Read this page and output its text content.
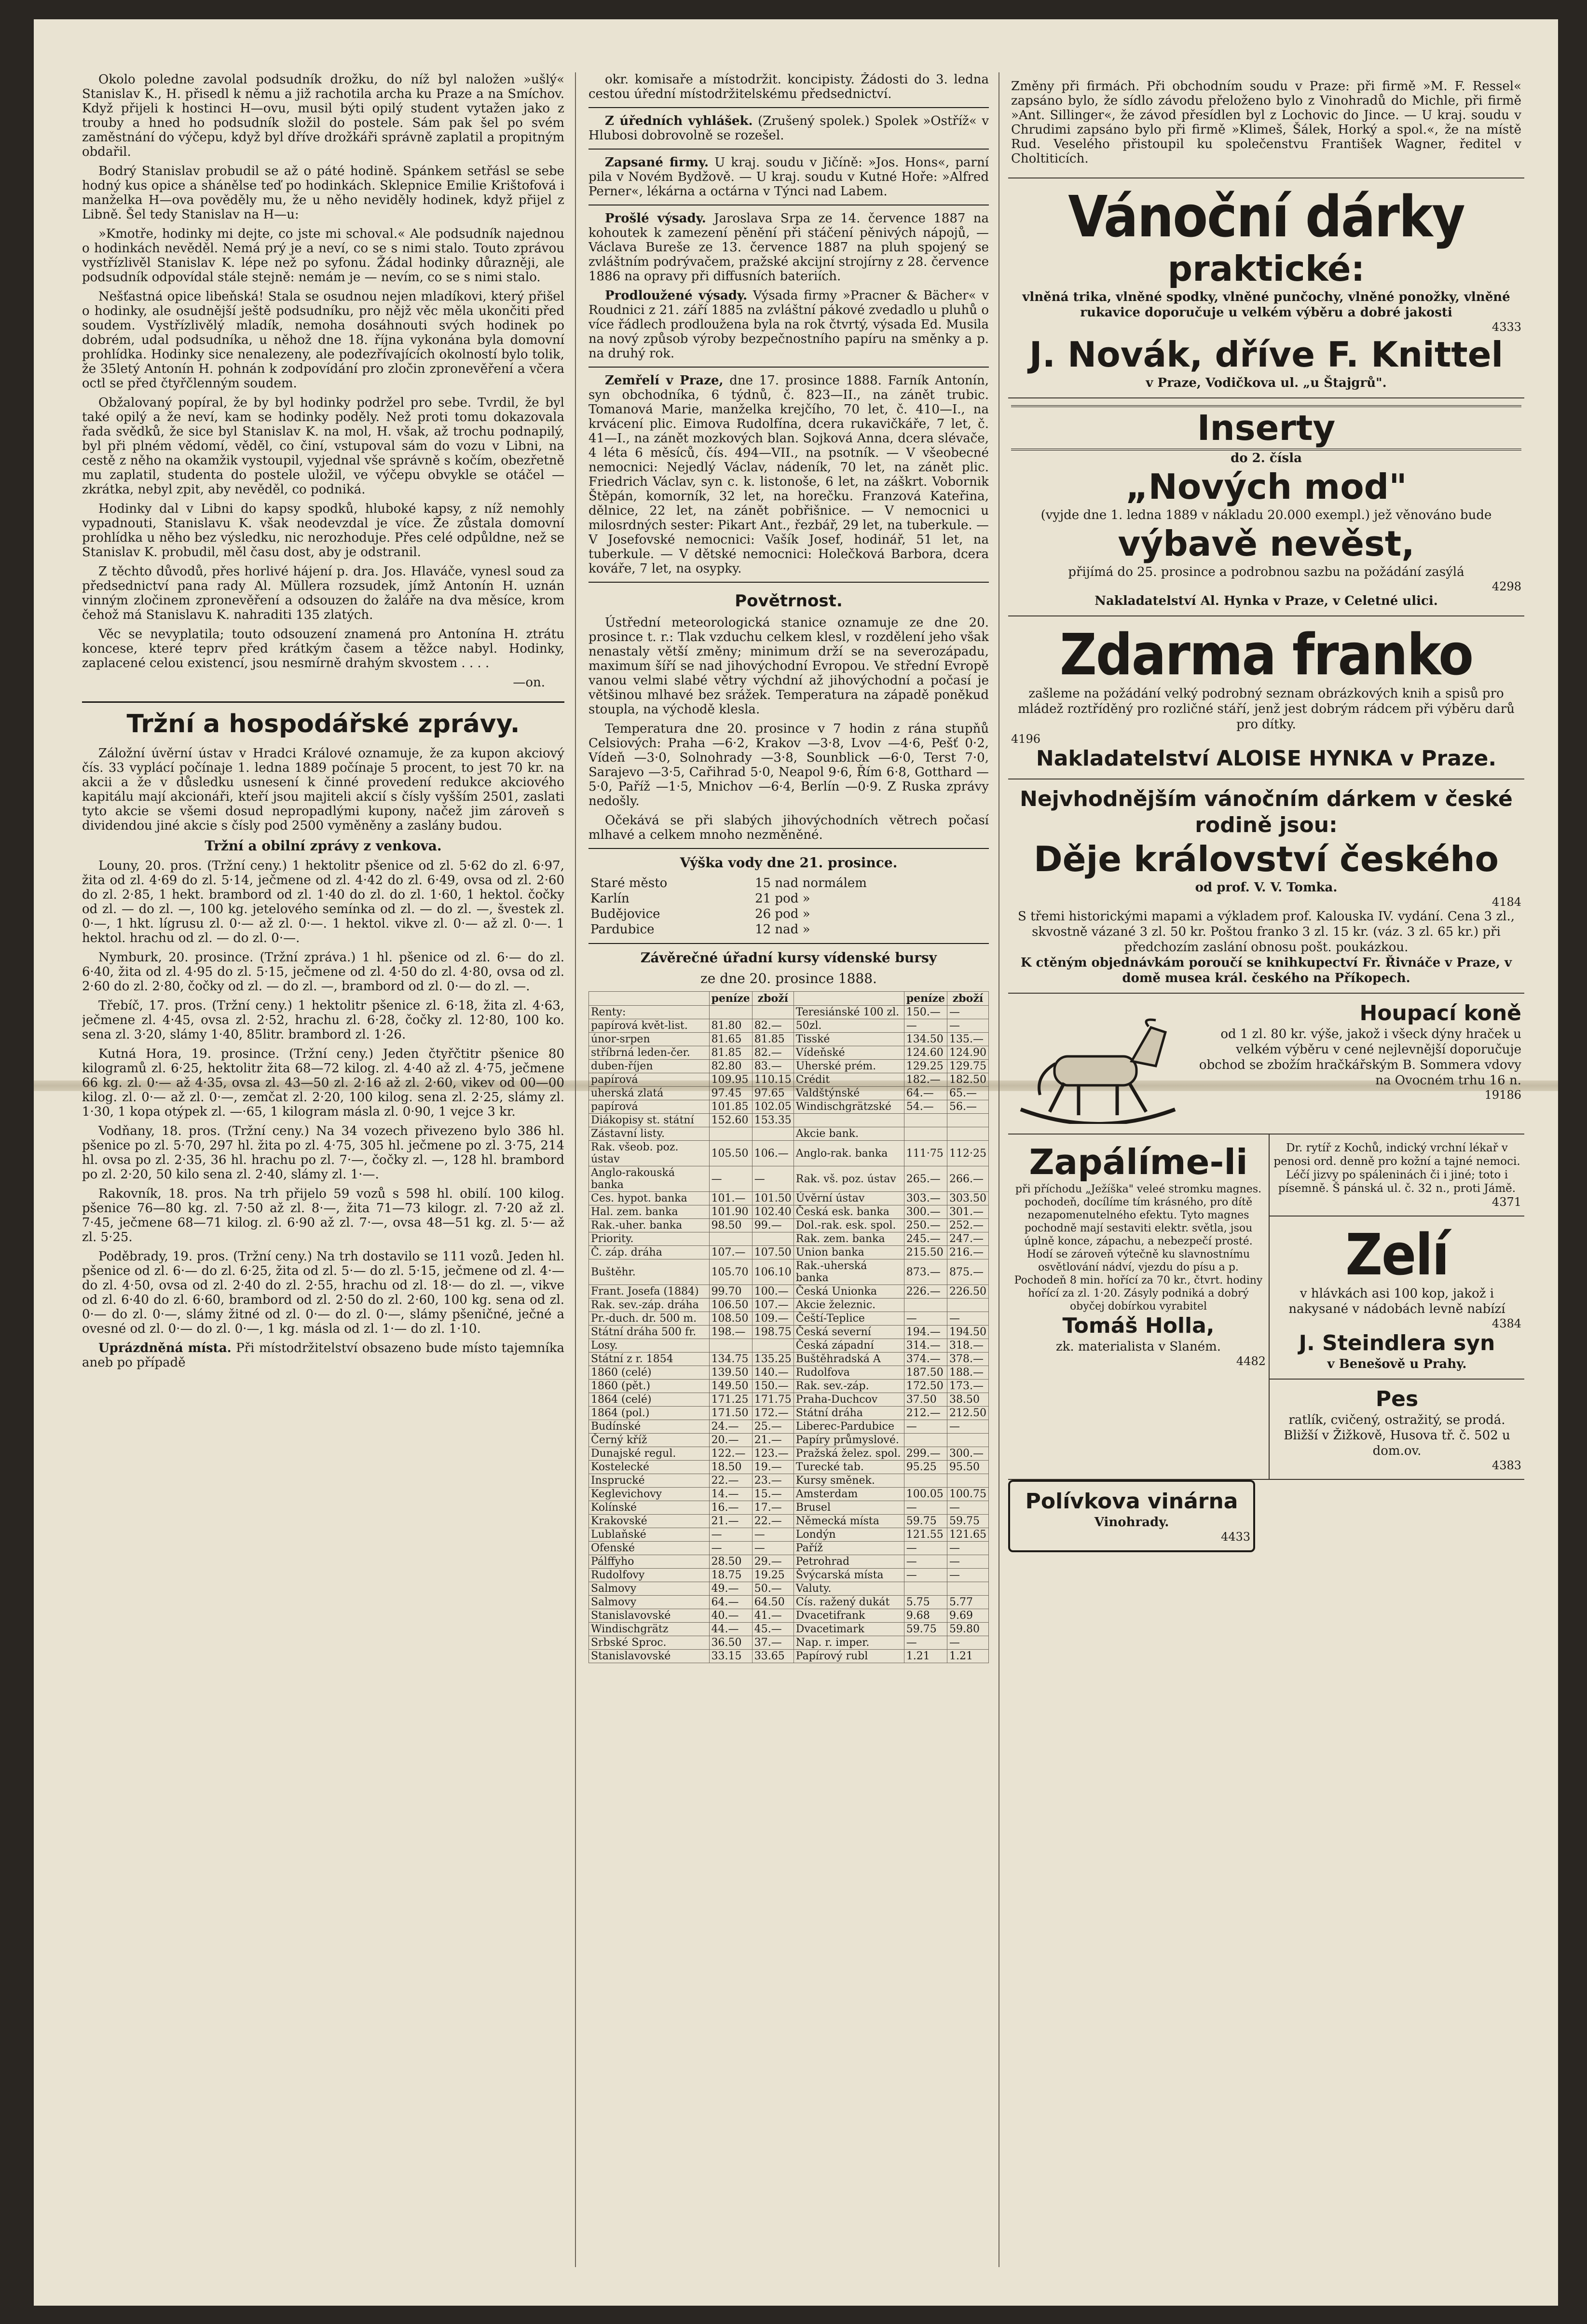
Okolo poledne zavolal podsudník drožku, do níž byl naložen »ušlý« Stanislav K., H. přisedl k němu a již rachotila archa ku Praze a na Smíchov. Když přijeli k hostinci H—ovu, musil býti opilý student vytažen jako z trouby a hned ho podsudník složil do postele. Sám pak šel po svém zaměstnání do výčepu, když byl dříve drožkáři správně zaplatil a propitným obdařil.

Bodrý Stanislav probudil se až o páté hodině. Spánkem setřásl se sebe hodný kus opice a shánělse teď po hodinkách. Sklepnice Emilie Krištofová i manželka H—ova pověděly mu, že u něho neviděly hodinek, když přijel z Libně. Šel tedy Stanislav na H—u:

»Kmotře, hodinky mi dejte, co jste mi schoval.« Ale podsudník najednou o hodinkách nevěděl. Nemá prý je a neví, co se s nimi stalo. Touto zprávou vystřízlivěl Stanislav K. lépe než po syfonu. Žádal hodinky důrazněji, ale podsudník odpovídal stále stejně: nemám je — nevím, co se s nimi stalo.

Nešťastná opice libeňská! Stala se osudnou nejen mladíkovi, který přišel o hodinky, ale osudnější ještě podsudníku, pro nějž věc měla ukončiti před soudem. Vystřízlivělý mladík, nemoha dosáhnouti svých hodinek po dobrém, udal podsudníka, u něhož dne 18. října vykonána byla domovní prohlídka. Hodinky sice nenalezeny, ale podezřívajících okolností bylo tolik, že 35letý Antonín H. pohnán k zodpovídání pro zločin zpronevěření a včera octl se před čtyřčlenným soudem.

Obžalovaný popíral, že by byl hodinky podržel pro sebe. Tvrdil, že byl také opilý a že neví, kam se hodinky poděly. Než proti tomu dokazovala řada svědků, že sice byl Stanislav K. na mol, H. však, až trochu podnapilý, byl při plném vědomí, věděl, co činí, vstupoval sám do vozu v Libni, na cestě z něho na okamžik vystoupil, vyjednal vše správně s kočím, obezřetně mu zaplatil, studenta do postele uložil, ve výčepu obvykle se otáčel — zkrátka, nebyl zpit, aby nevěděl, co podniká.

Hodinky dal v Libni do kapsy spodků, hluboké kapsy, z níž nemohly vypadnouti, Stanislavu K. však neodevzdal je více. Že zůstala domovní prohlídka u něho bez výsledku, nic nerozhoduje. Přes celé odpůldne, než se Stanislav K. probudil, měl času dost, aby je odstranil.

Z těchto důvodů, přes horlivé hájení p. dra. Jos. Hlaváče, vynesl soud za předsednictví pana rady Al. Müllera rozsudek, jímž Antonín H. uznán vinným zločinem zpronevěření a odsouzen do žaláře na dva měsíce, krom čehož má Stanislavu K. nahraditi 135 zlatých.

Věc se nevyplatila; touto odsouzení znamená pro Antonína H. ztrátu koncese, které teprv před krátkým časem a těžce nabyl. Hodinky, zaplacené celou existencí, jsou nesmírně drahým skvostem . . . .

—on.
Tržní a hospodářské zprávy.

Záložní úvěrní ústav v Hradci Králové oznamuje, že za kupon akciový čís. 33 vyplácí počínaje 1. ledna 1889 počínaje 5 procent, to jest 70 kr. na akcii a že v důsledku usnesení k činné provedení redukce akciového kapitálu mají akcionáři, kteří jsou majiteli akcií s čísly vyšším 2501, zaslati tyto akcie se všemi dosud nepropadlými kupony, načež jim zároveň s dividendou jiné akcie s čísly pod 2500 vyměněny a zaslány budou.

Tržní a obilní zprávy z venkova.

Louny, 20. pros. (Tržní ceny.) 1 hektolitr pšenice od zl. 5·62 do zl. 6·97, žita od zl. 4·69 do zl. 5·14, ječmene od zl. 4·42 do zl. 6·49, ovsa od zl. 2·60 do zl. 2·85, 1 hekt. brambord od zl. 1·40 do zl. do zl. 1·60, 1 hektol. čočky od zl. — do zl. —, 100 kg. jetelového semínka od zl. — do zl. —, švestek zl. 0·—, 1 hkt. lígrusu zl. 0·— až zl. 0·—. 1 hektol. vikve zl. 0·— až zl. 0·—. 1 hektol. hrachu od zl. — do zl. 0·—.

Nymburk, 20. prosince. (Tržní zpráva.) 1 hl. pšenice od zl. 6·— do zl. 6·40, žita od zl. 4·95 do zl. 5·15, ječmene od zl. 4·50 do zl. 4·80, ovsa od zl. 2·60 do zl. 2·80, čočky od zl. — do zl. —, brambord od zl. 0·— do zl. —.

Třebíč, 17. pros. (Tržní ceny.) 1 hektolitr pšenice zl. 6·18, žita zl. 4·63, ječmene zl. 4·45, ovsa zl. 2·52, hrachu zl. 6·28, čočky zl. 12·80, 100 ko. sena zl. 3·20, slámy 1·40, 85litr. brambord zl. 1·26.

Kutná Hora, 19. prosince. (Tržní ceny.) Jeden čtyřčtitr pšenice 80 kilogramů zl. 6·25, hektolitr žita 68—72 kilog. zl. 4·40 až zl. 4·75, ječmene 66 kg. zl. 0·— až 4·35, ovsa zl. 43—50 zl. 2·16 až zl. 2·60, vikev od 00—00 kilog. zl. 0·— až zl. 0·—, zemčat zl. 2·20, 100 kilog. sena zl. 2·25, slámy zl. 1·30, 1 kopa otýpek zl. —·65, 1 kilogram másla zl. 0·90, 1 vejce 3 kr.

Vodňany, 18. pros. (Tržní ceny.) Na 34 vozech přivezeno bylo 386 hl. pšenice po zl. 5·70, 297 hl. žita po zl. 4·75, 305 hl. ječmene po zl. 3·75, 214 hl. ovsa po zl. 2·35, 36 hl. hrachu po zl. 7·—, čočky zl. —, 128 hl. brambord po zl. 2·20, 50 kilo sena zl. 2·40, slámy zl. 1·—.

Rakovník, 18. pros. Na trh přijelo 59 vozů s 598 hl. obilí. 100 kilog. pšenice 76—80 kg. zl. 7·50 až zl. 8·—, žita 71—73 kilogr. zl. 7·20 až zl. 7·45, ječmene 68—71 kilog. zl. 6·90 až zl. 7·—, ovsa 48—51 kg. zl. 5·— až zl. 5·25.

Poděbrady, 19. pros. (Tržní ceny.) Na trh dostavilo se 111 vozů. Jeden hl. pšenice od zl. 6·— do zl. 6·25, žita od zl. 5·— do zl. 5·15, ječmene od zl. 4·— do zl. 4·50, ovsa od zl. 2·40 do zl. 2·55, hrachu od zl. 18·— do zl. —, vikve od zl. 6·40 do zl. 6·60, brambord od zl. 2·50 do zl. 2·60, 100 kg. sena od zl. 0·— do zl. 0·—, slámy žitné od zl. 0·— do zl. 0·—, slámy pšeničné, ječné a ovesné od zl. 0·— do zl. 0·—, 1 kg. másla od zl. 1·— do zl. 1·10.

Uprázdněná místa. Při místodržitelství obsazeno bude místo tajemníka aneb po případě

okr. komisaře a místodržit. koncipisty. Žádosti do 3. ledna cestou úřední místodržitelskému předsednictví.

Z úředních vyhlášek. (Zrušený spolek.) Spolek »Ostříž« v Hlubosi dobrovolně se rozešel.

Zapsané firmy. U kraj. soudu v Jičíně: »Jos. Hons«, parní pila v Novém Bydžově. — U kraj. soudu v Kutné Hoře: »Alfred Perner«, lékárna a octárna v Týnci nad Labem.

Prošlé výsady. Jaroslava Srpa ze 14. července 1887 na kohoutek k zamezení pěnění při stáčení pěnivých nápojů, — Václava Bureše ze 13. července 1887 na pluh spojený se zvláštním podrývačem, pražské akcijní strojírny z 28. července 1886 na opravy při diffusních bateriích.

Prodloužené výsady. Výsada firmy »Pracner & Bächer« v Roudnici z 21. září 1885 na zvláštní pákové zvedadlo u pluhů o více řádlech prodloužena byla na rok čtvrtý, výsada Ed. Musila na nový způsob výroby bezpečnostního papíru na směnky a p. na druhý rok.

Zemřelí v Praze, dne 17. prosince 1888. Farník Antonín, syn obchodníka, 6 týdnů, č. 823—II., na zánět trubic. Tomanová Marie, manželka krejčího, 70 let, č. 410—I., na krvácení plic. Eimova Rudolfína, dcera rukavičkáře, 7 let, č. 41—I., na zánět mozkových blan. Sojková Anna, dcera slévače, 4 léta 6 měsíců, čís. 494—VII., na psotník. — V všeobecné nemocnici: Nejedlý Václav, nádeník, 70 let, na zánět plic. Friedrich Václav, syn c. k. listonoše, 6 let, na záškrt. Vobornik Štěpán, komorník, 32 let, na horečku. Franzová Kateřina, dělnice, 22 let, na zánět pobřišnice. — V nemocnici u milosrdných sester: Pikart Ant., řezbář, 29 let, na tuberkule. — V Josefovské nemocnici: Vašík Josef, hodinář, 51 let, na tuberkule. — V dětské nemocnici: Holečková Barbora, dcera kováře, 7 let, na osypky.

Povětrnost.

Ústřední meteorologická stanice oznamuje ze dne 20. prosince t. r.: Tlak vzduchu celkem klesl, v rozdělení jeho však nenastaly větší změny; minimum drží se na severozápadu, maximum šíří se nad jihovýchodní Evropou. Ve střední Evropě vanou velmi slabé větry výchdní až jihovýchodní a počasí je většinou mlhavé bez srážek. Temperatura na západě poněkud stoupla, na východě klesla.

Temperatura dne 20. prosince v 7 hodin z rána stupňů Celsiových: Praha —6·2, Krakov —3·8, Lvov —4·6, Pešť 0·2, Vídeň —3·0, Solnohrady —3·8, Sounblick —6·0, Terst 7·0, Sarajevo —3·5, Cařihrad 5·0, Neapol 9·6, Řím 6·8, Gotthard —5·0, Paříž —1·5, Mnichov —6·4, Berlín —0·9. Z Ruska zprávy nedošly.

Očekává se při slabých jihovýchodních větrech počasí mlhavé a celkem mnoho nezměněné.

Výška vody dne 21. prosince.
Staré město	15 nad normálem
Karlín	21 pod »
Budějovice	26 pod »
Pardubice	12 nad »
Závěrečné úřadní kursy vídenské bursy
ze dne 20. prosince 1888.
	peníze	zboží		peníze	zboží
Renty:			Teresiánské 100 zl.	150.—	—
papírová květ-list.	81.80	82.—	50zl.	—	—
únor-srpen	81.65	81.85	Tisské	134.50	135.—
stříbrná leden-čer.	81.85	82.—	Vídeňské	124.60	124.90
duben-říjen	82.80	83.—	Uherské prém.	129.25	129.75
papírová	109.95	110.15	Crédit	182.—	182.50
uherská zlatá	97.45	97.65	Valdštýnské	64.—	65.—
papírová	101.85	102.05	Windischgrätzské	54.—	56.—
Diákopisy st. státní	152.60	153.35			
Zástavní listy.			Akcie bank.		
Rak. všeob. poz. ústav	105.50	106.—	Anglo-rak. banka	111·75	112·25
Anglo-rakouská banka	—	—	Rak. vš. poz. ústav	265.—	266.—
Ces. hypot. banka	101.—	101.50	Úvěrní ústav	303.—	303.50
Hal. zem. banka	101.90	102.40	Česká esk. banka	300.—	301.—
Rak.-uher. banka	98.50	99.—	Dol.-rak. esk. spol.	250.—	252.—
Priority.			Rak. zem. banka	245.—	247.—
Č. záp. dráha	107.—	107.50	Union banka	215.50	216.—
Buštěhr.	105.70	106.10	Rak.-uherská banka	873.—	875.—
Frant. Josefa (1884)	99.70	100.—	Česká Unionka	226.—	226.50
Rak. sev.-záp. dráha	106.50	107.—	Akcie železnic.		
Pr.-duch. dr. 500 m.	108.50	109.—	Čeští-Teplice	—	—
Státní dráha 500 fr.	198.—	198.75	Česká severní	194.—	194.50
Losy.			Česká západní	314.—	318.—
Státní z r. 1854	134.75	135.25	Buštěhradská A	374.—	378.—
1860 (celé)	139.50	140.—	Rudolfova	187.50	188.—
1860 (pět.)	149.50	150.—	Rak. sev.-záp.	172.50	173.—
1864 (celé)	171.25	171.75	Praha-Duchcov	37.50	38.50
1864 (pol.)	171.50	172.—	Státní dráha	212.—	212.50
Budínské	24.—	25.—	Liberec-Pardubice	—	—
Černý kříž	20.—	21.—	Papíry průmyslové.		
Dunajské regul.	122.—	123.—	Pražská želez. spol.	299.—	300.—
Kostelecké	18.50	19.—	Turecké tab.	95.25	95.50
Insprucké	22.—	23.—	Kursy směnek.		
Keglevichovy	14.—	15.—	Amsterdam	100.05	100.75
Kolínské	16.—	17.—	Brusel	—	—
Krakovské	21.—	22.—	Německá místa	59.75	59.75
Lublaňské	—	—	Londýn	121.55	121.65
Ofenské	—	—	Paříž	—	—
Pálffyho	28.50	29.—	Petrohrad	—	—
Rudolfovy	18.75	19.25	Švýcarská místa	—	—
Salmovy	49.—	50.—	Valuty.		
Salmovy	64.—	64.50	Cís. ražený dukát	5.75	5.77
Stanislavovské	40.—	41.—	Dvacetifrank	9.68	9.69
Windischgrätz	44.—	45.—	Dvacetimark	59.75	59.80
Srbské Sproc.	36.50	37.—	Nap. r. imper.	—	—
Stanislavovské	33.15	33.65	Papírový rubl	1.21	1.21

Změny při firmách. Při obchodním soudu v Praze: při firmě »M. F. Ressel« zapsáno bylo, že sídlo závodu přeloženo bylo z Vinohradů do Michle, při firmě »Ant. Sillinger«, že závod přesídlen byl z Lochovic do Jince. — U kraj. soudu v Chrudimi zapsáno bylo při firmě »Klimeš, Šálek, Horký a spol.«, že na místě Rud. Veselého přistoupil ku společenstvu František Wagner, ředitel v Choltiticích.

Vánoční dárky
praktické:
vlněná trika, vlněné spodky, vlněné punčochy, vlněné ponožky, vlněné rukavice doporučuje u velkém výběru a dobré jakosti
4333
J. Novák, dříve F. Knittel
v Praze, Vodičkova ul. „u Štajgrů".
Inserty
do 2. čísla
„Nových mod"
(vyjde dne 1. ledna 1889 v nákladu 20.000 exempl.) jež věnováno bude
výbavě nevěst,
přijímá do 25. prosince a podrobnou sazbu na požádání zasýlá
4298
Nakladatelství Al. Hynka v Praze, v Celetné ulici.
Zdarma franko
zašleme na požádání velký podrobný seznam obrázkových knih a spisů pro mládež roztříděný pro rozličné stáří, jenž jest dobrým rádcem při výběru darů pro dítky.
4196
Nakladatelství ALOISE HYNKA v Praze.
Nejvhodnějším vánočním dárkem v české rodině jsou:
Děje království českého
od prof. V. V. Tomka.
4184
S třemi historickými mapami a výkladem prof. Kalouska IV. vydání. Cena 3 zl., skvostně vázané 3 zl. 50 kr. Poštou franko 3 zl. 15 kr. (váz. 3 zl. 65 kr.) při předchozím zaslání obnosu pošt. poukázkou.
K ctěným objednávkám poroučí se knihkupectví Fr. Řivnáče v Praze, v domě musea král. českého na Příkopech.
Houpací koně
od 1 zl. 80 kr. výše, jakož i všeck dýny hraček u velkém výběru v cené nejlevnější doporučuje obchod se zbožím hračkářským B. Sommera vdovy na Ovocném trhu 16 n.
19186
Zapálíme-li
při příchodu „Ježíška" veleé stromku magnes. pochodeň, docílíme tím krásného, pro dítě nezapomenutelného efektu. Tyto magnes pochodně mají sestaviti elektr. světla, jsou úplně konce, zápachu, a nebezpečí prosté. Hodí se zároveň výtečně ku slavnostnímu osvětlování nádví, vjezdu do písu a p. Pochodeň 8 min. hořící za 70 kr., čtvrt. hodiny hořící za zl. 1·20. Zásyly podniká a dobrý obyčej dobírkou vyrabitel
Tomáš Holla,
zk. materialista v Slaném.
4482
Dr. rytíř z Kochů, indický vrchní lékař v penosi ord. denně pro kožní a tajné nemoci. Léčí jizvy po spáleninách či i jiné; toto i písemně. Š pánská ul. č. 32 n., proti Jámě.
4371
Zelí
v hlávkách asi 100 kop, jakož i nakysané v nádobách levně nabízí
4384
J. Steindlera syn
v Benešově u Prahy.
Pes
ratlík, cvičený, ostražitý, se prodá. Bližší v Žižkově, Husova tř. č. 502 u dom.ov.
4383
Polívkova vinárna
Vinohrady.
4433
